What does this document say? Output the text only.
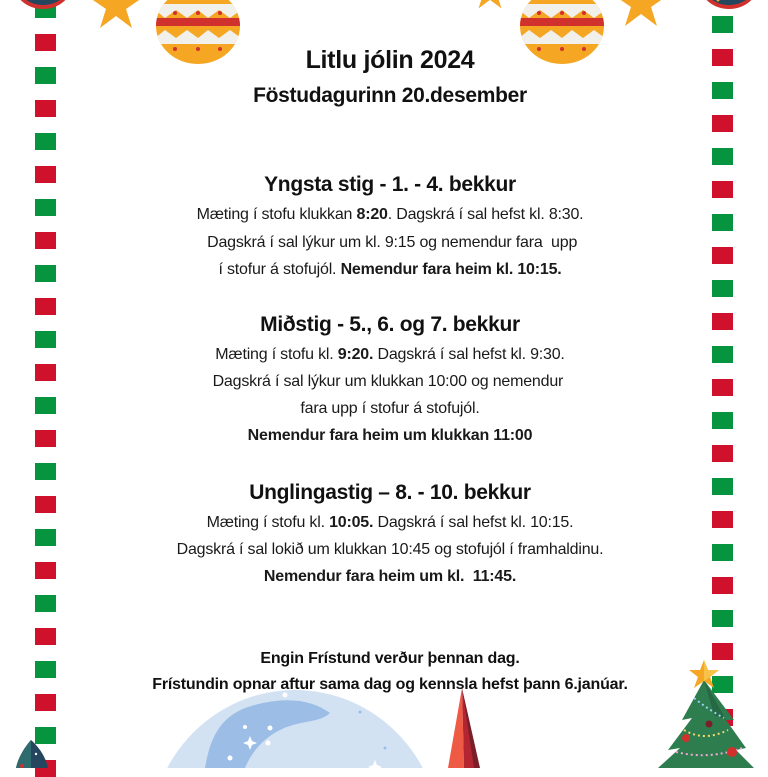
Litlu jólin 2024
Föstudagurinn 20.desember
Yngsta stig - 1. - 4. bekkur
Mæting í stofu klukkan 8:20. Dagskrá í sal hefst kl. 8:30.
Dagskrá í sal lýkur um kl. 9:15 og nemendur fara  upp
í stofur á stofujól. Nemendur fara heim kl. 10:15.
Miðstig - 5., 6. og 7. bekkur
Mæting í stofu kl. 9:20. Dagskrá í sal hefst kl. 9:30.
Dagskrá í sal lýkur um klukkan 10:00 og nemendur
fara upp í stofur á stofujól.
Nemendur fara heim um klukkan 11:00
Unglingastig – 8. - 10. bekkur
Mæting í stofu kl. 10:05. Dagskrá í sal hefst kl. 10:15.
Dagskrá í sal lokið um klukkan 10:45 og stofujól í framhaldinu.
Nemendur fara heim um kl.  11:45.
Engin Frístund verður þennan dag.
Frístundin opnar aftur sama dag og kennsla hefst þann 6.janúar.
